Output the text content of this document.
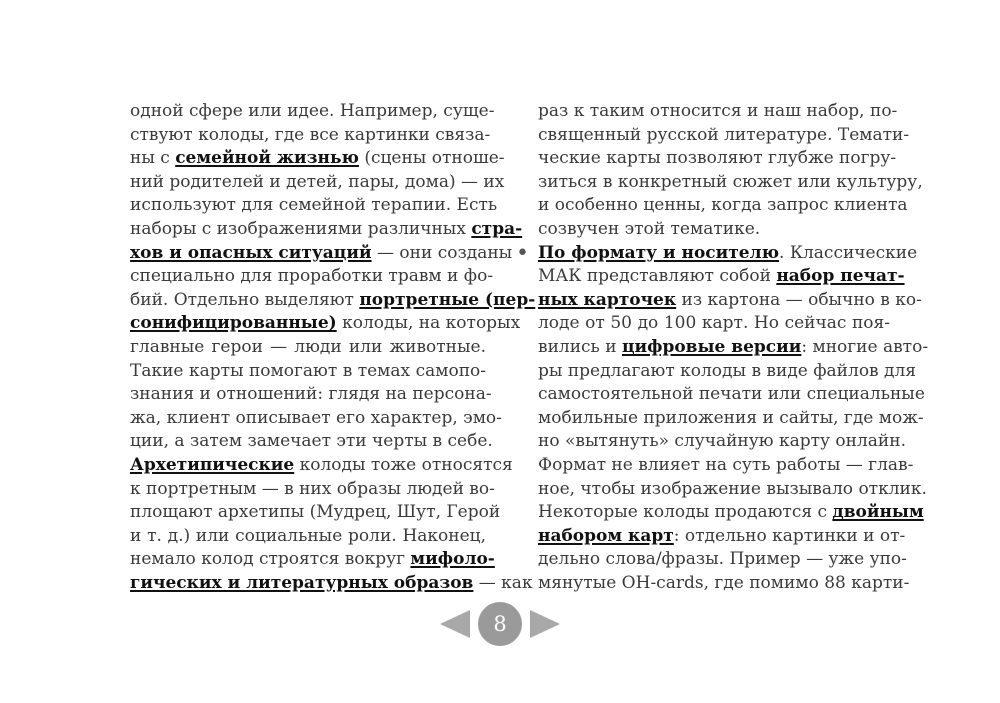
одной сфере или идее. Например, суще-
ствуют колоды, где все картинки связа-
ны с семейной жизнью (сцены отноше-
ний родителей и детей, пары, дома) — их
используют для семейной терапии. Есть
наборы с изображениями различных стра-
хов и опасных ситуаций — они созданы
специально для проработки травм и фо-
бий. Отдельно выделяют портретные (пер-
сонифицированные) колоды, на которых
главные герои — люди или животные.
Такие карты помогают в темах самопо-
знания и отношений: глядя на персона-
жа, клиент описывает его характер, эмо-
ции, а затем замечает эти черты в себе.
Архетипические колоды тоже относятся
к портретным — в них образы людей во-
площают архетипы (Мудрец, Шут, Герой
и т. д.) или социальные роли. Наконец,
немало колод строятся вокруг мифоло-
гических и литературных образов — как
раз к таким относится и наш набор, по-
священный русской литературе. Темати-
ческие карты позволяют глубже погру-
зиться в конкретный сюжет или культуру,
и особенно ценны, когда запрос клиента
созвучен этой тематике.
• По формату и носителю. Классические
МАК представляют собой набор печат-
ных карточек из картона — обычно в ко-
лоде от 50 до 100 карт. Но сейчас поя-
вились и цифровые версии: многие авто-
ры предлагают колоды в виде файлов для
самостоятельной печати или специальные
мобильные приложения и сайты, где мож-
но «вытянуть» случайную карту онлайн.
Формат не влияет на суть работы — глав-
ное, чтобы изображение вызывало отклик.
Некоторые колоды продаются с двойным
набором карт: отдельно картинки и от-
дельно слова/фразы. Пример — уже упо-
мянутые OH-cards, где помимо 88 карти-
8
